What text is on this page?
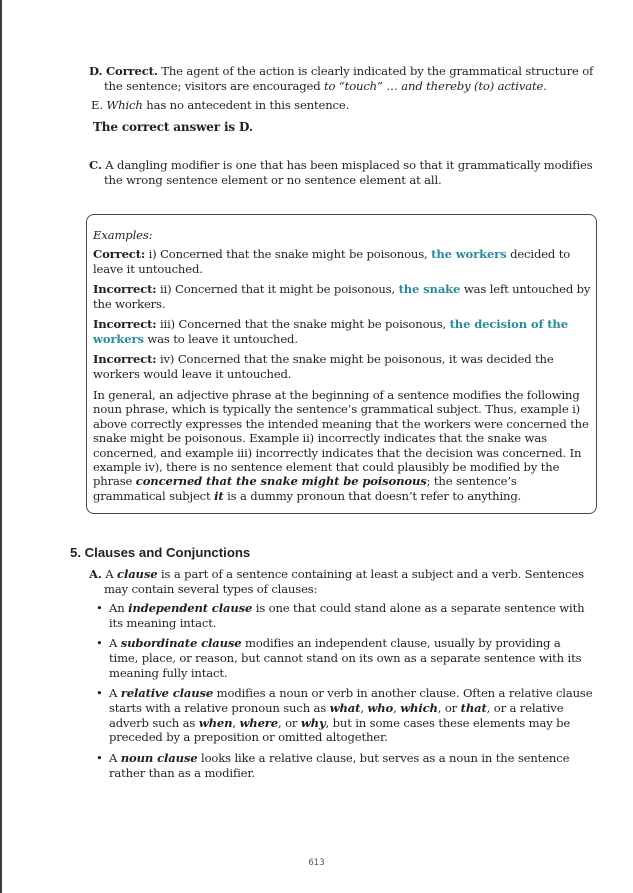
D. Correct. The agent of the action is clearly indicated by the grammatical structure of the sentence; visitors are encouraged to “touch” … and thereby (to) activate.
E. Which has no antecedent in this sentence.
The correct answer is D.
C. A dangling modifier is one that has been misplaced so that it grammatically modifies the wrong sentence element or no sentence element at all.
Examples:
Correct: i) Concerned that the snake might be poisonous, the workers decided to leave it untouched.
Incorrect: ii) Concerned that it might be poisonous, the snake was left untouched by the workers.
Incorrect: iii) Concerned that the snake might be poisonous, the decision of the workers was to leave it untouched.
Incorrect: iv) Concerned that the snake might be poisonous, it was decided the workers would leave it untouched.
In general, an adjective phrase at the beginning of a sentence modifies the following noun phrase, which is typically the sentence’s grammatical subject. Thus, example i) above correctly expresses the intended meaning that the workers were concerned the snake might be poisonous. Example ii) incorrectly indicates that the snake was concerned, and example iii) incorrectly indicates that the decision was concerned. In example iv), there is no sentence element that could plausibly be modified by the phrase concerned that the snake might be poisonous; the sentence’s grammatical subject it is a dummy pronoun that doesn’t refer to anything.
5. Clauses and Conjunctions
A. A clause is a part of a sentence containing at least a subject and a verb. Sentences may contain several types of clauses:
• An independent clause is one that could stand alone as a separate sentence with its meaning intact.
• A subordinate clause modifies an independent clause, usually by providing a time, place, or reason, but cannot stand on its own as a separate sentence with its meaning fully intact.
• A relative clause modifies a noun or verb in another clause. Often a relative clause starts with a relative pronoun such as what, who, which, or that, or a relative adverb such as when, where, or why, but in some cases these elements may be preceded by a preposition or omitted altogether.
• A noun clause looks like a relative clause, but serves as a noun in the sentence rather than as a modifier.
613
